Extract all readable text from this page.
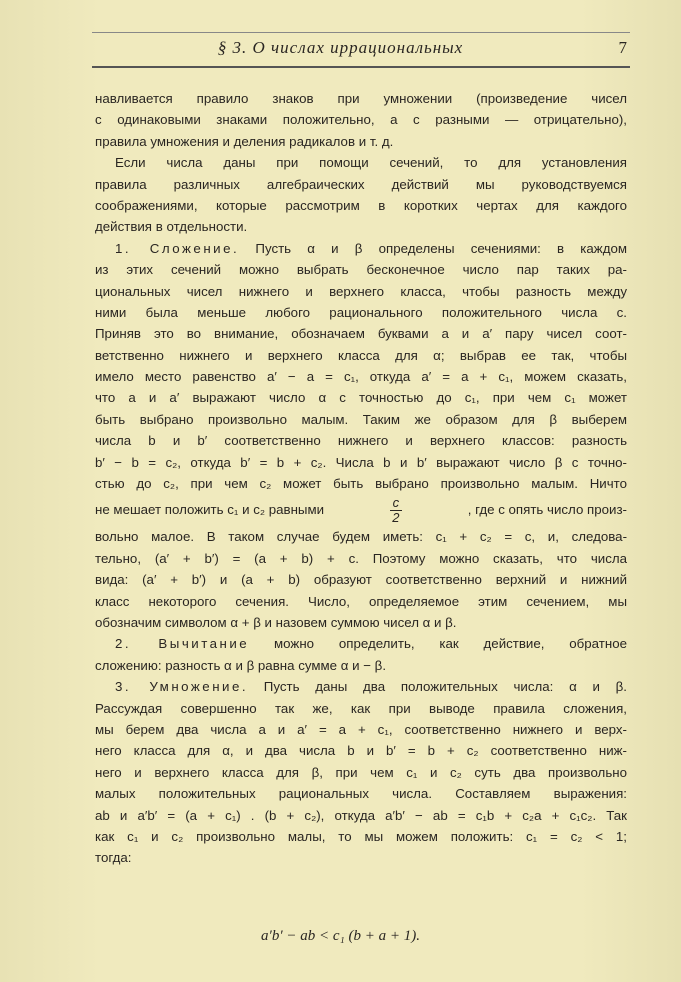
§ 3. О числах иррациональных	7
навливается правило знаков при умножении (произведение чисел
с одинаковыми знаками положительно, а с разными — отрицательно),
правила умножения и деления радикалов и т. д.
Если числа даны при помощи сечений, то для установления
правила различных алгебраических действий мы руководствуемся
соображениями, которые рассмотрим в коротких чертах для каждого
действия в отдельности.
1. Сложение. Пусть α и β определены сечениями: в каждом
из этих сечений можно выбрать бесконечное число пар таких ра-
циональных чисел нижнего и верхнего класса, чтобы разность между
ними была меньше любого рационального положительного числа c.
Приняв это во внимание, обозначаем буквами a и a′ пару чисел соот-
ветственно нижнего и верхнего класса для α; выбрав ее так, чтобы
имело место равенство a′ − a = c₁, откуда a′ = a + c₁, можем сказать,
что a и a′ выражают число α с точностью до c₁, при чем c₁ может
быть выбрано произвольно малым. Таким же образом для β выберем
числа b и b′ соответственно нижнего и верхнего классов: разность
b′ − b = c₂, откуда b′ = b + c₂. Числа b и b′ выражают число β с точно-
стью до c₂, при чем c₂ может быть выбрано произвольно малым. Ничто
не мешает положить c₁ и c₂ равными	$\frac{c}{2}$	, где c опять число произ-
вольно малое. В таком случае будем иметь: c₁ + c₂ = c, и, следова-
тельно, (a′ + b′) = (a + b) + c. Поэтому можно сказать, что числа
вида: (a′ + b′) и (a + b) образуют соответственно верхний и нижний
класс некоторого сечения. Число, определяемое этим сечением, мы
обозначим символом α + β и назовем суммою чисел α и β.
2. Вычитание можно определить, как действие, обратное
сложению: разность α и β равна сумме α и − β.
3. Умножение. Пусть даны два положительных числа: α и β.
Рассуждая совершенно так же, как при выводе правила сложения,
мы берем два числа a и a′ = a + c₁, соответственно нижнего и верх-
него класса для α, и два числа b и b′ = b + c₂ соответственно ниж-
него и верхнего класса для β, при чем c₁ и c₂ суть два произвольно
малых положительных рациональных числа. Составляем выражения:
ab и a′b′ = (a + c₁) . (b + c₂), откуда a′b′ − ab = c₁b + c₂a + c₁c₂. Так
как c₁ и c₂ произвольно малы, то мы можем положить: c₁ = c₂ < 1;
тогда:
a′b′ − ab < c₁ (b + a + 1).
